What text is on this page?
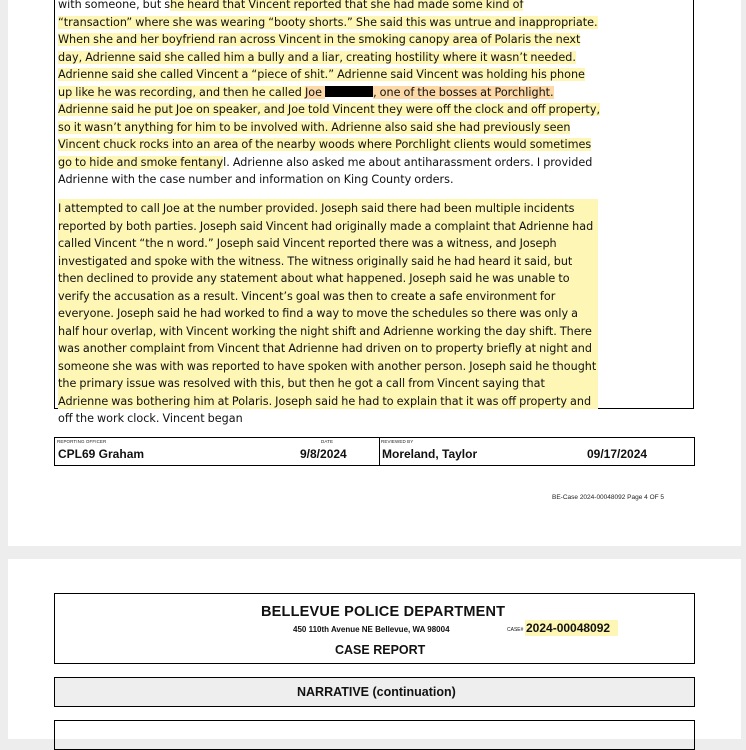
with someone, but she heard that Vincent reported that she had made some kind of “transaction” where she was wearing “booty shorts.” She said this was untrue and inappropriate. When she and her boyfriend ran across Vincent in the smoking canopy area of Polaris the next day, Adrienne said she called him a bully and a liar, creating hostility where it wasn’t needed. Adrienne said she called Vincent a “piece of shit.” Adrienne said Vincent was holding his phone up like he was recording, and then he called Joe	, one of the bosses at Porchlight. Adrienne said he put Joe on speaker, and Joe told Vincent they were off the clock and off property, so it wasn’t anything for him to be involved with. Adrienne also said she had previously seen Vincent chuck rocks into an area of the nearby woods where Porchlight clients would sometimes go to hide and smoke fentanyl. Adrienne also asked me about antiharassment orders. I provided Adrienne with the case number and information on King County orders.

I attempted to call Joe at the number provided. Joseph said there had been multiple incidents reported by both parties. Joseph said Vincent had originally made a complaint that Adrienne had called Vincent “the n word.” Joseph said Vincent reported there was a witness, and Joseph investigated and spoke with the witness. The witness originally said he had heard it said, but then declined to provide any statement about what happened. Joseph said he was unable to verify the accusation as a result. Vincent’s goal was then to create a safe environment for everyone. Joseph said he had worked to find a way to move the schedules so there was only a half hour overlap, with Vincent working the night shift and Adrienne working the day shift. There was another complaint from Vincent that Adrienne had driven on to property briefly at night and someone she was with was reported to have spoken with another person. Joseph said he thought the primary issue was resolved with this, but then he got a call from Vincent saying that Adrienne was bothering him at Polaris. Joseph said he had to explain that it was off property and off the work clock. Vincent began

REPORTING OFFICER
CPL69 Graham
DATE
9/8/2024
REVIEWED BY
Moreland, Taylor	09/17/2024
BE-Case 2024-00048092 Page 4 OF 5
BELLEVUE POLICE DEPARTMENT
450 110th Avenue NE Bellevue, WA 98004	CASE# 2024-00048092
CASE REPORT
NARRATIVE (continuation)
